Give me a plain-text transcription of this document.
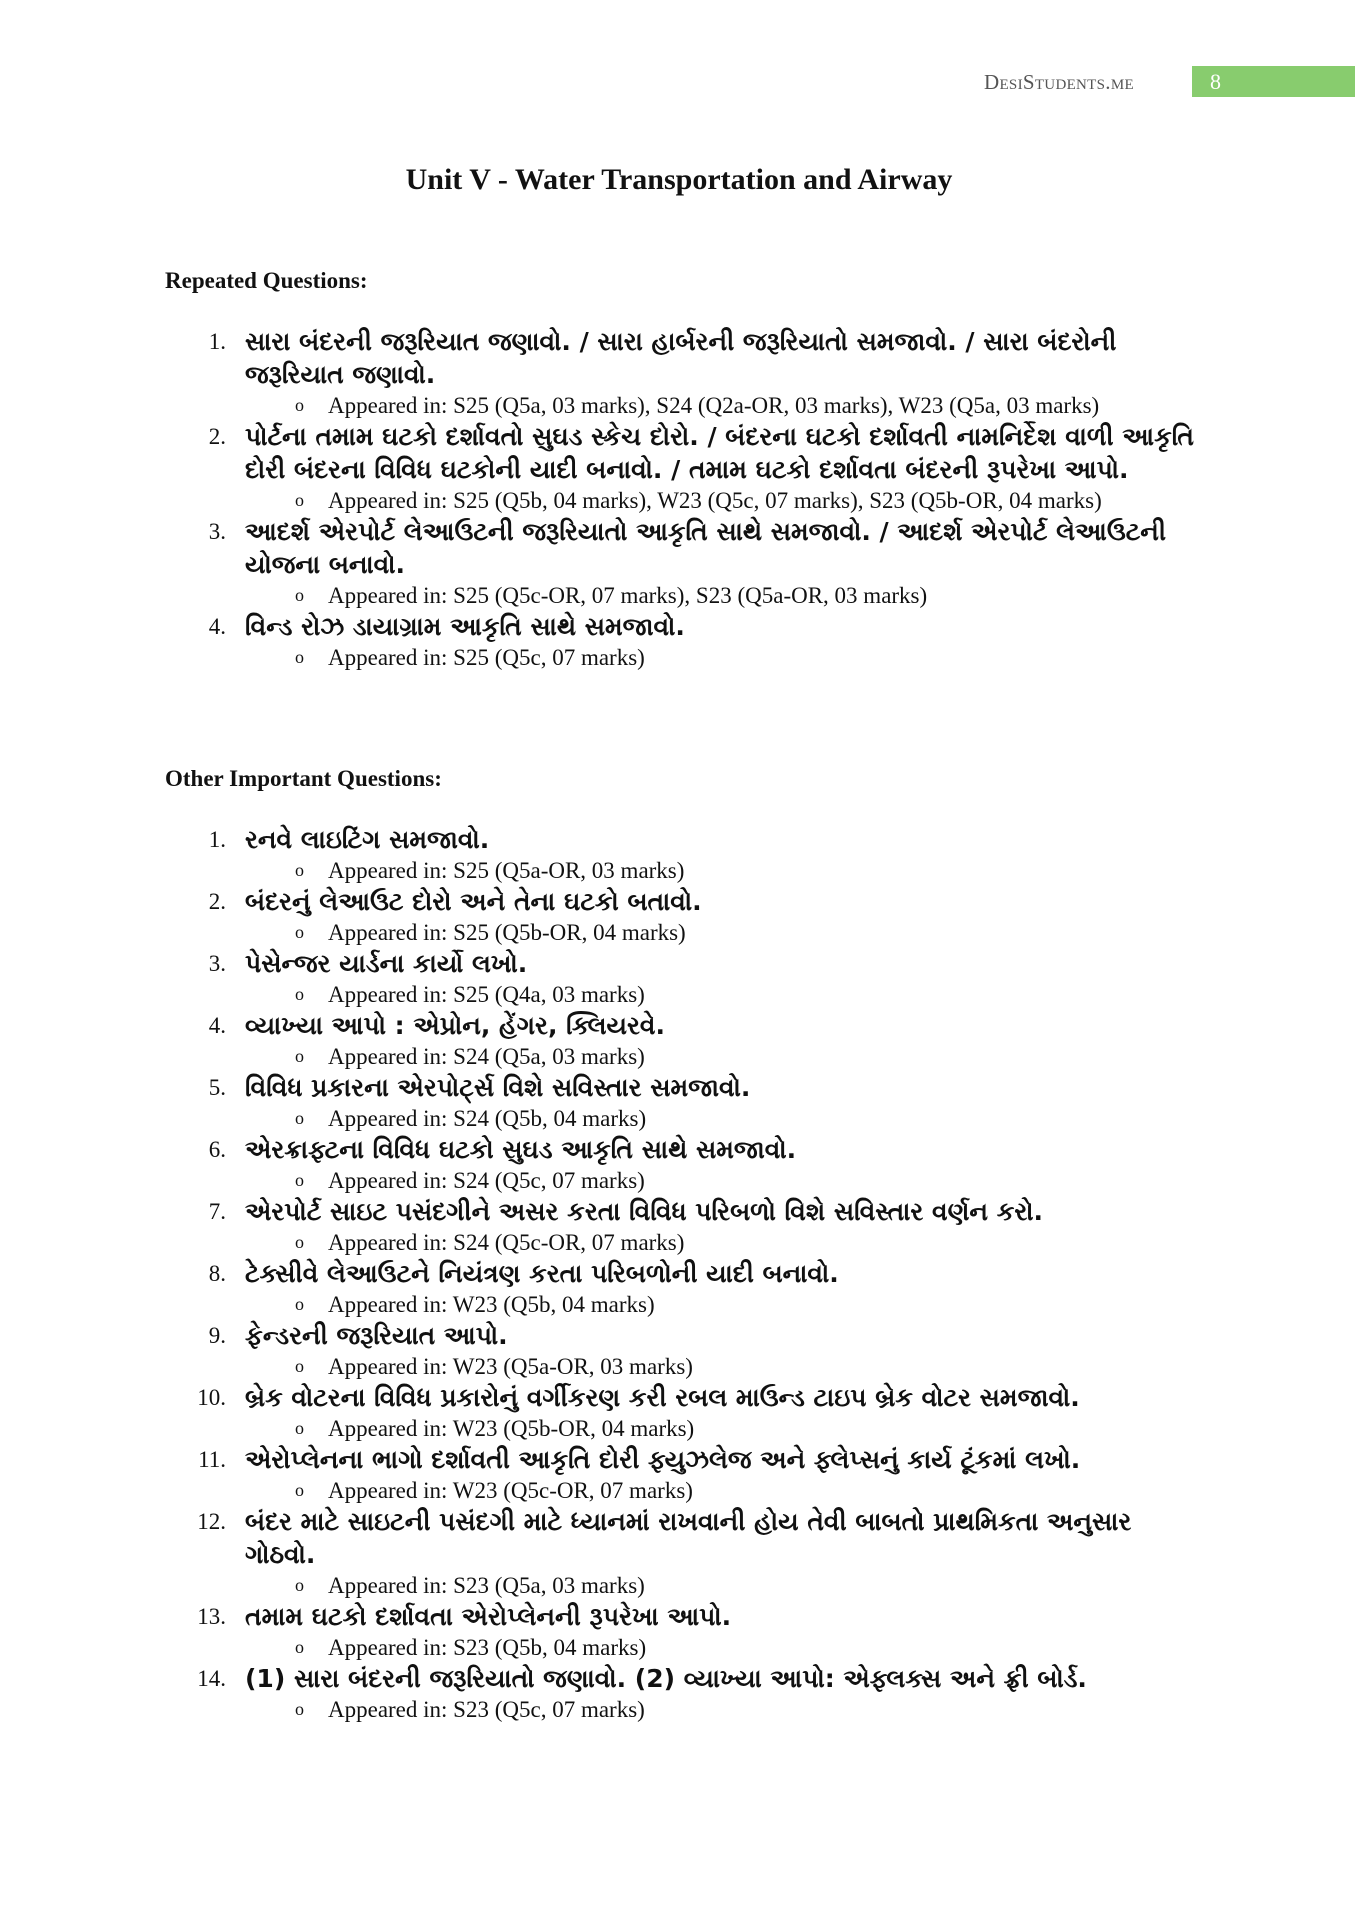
DesiStudents.me	8
Unit V - Water Transportation and Airway
Repeated Questions:
1. સારા બંદરની જરૂરિયાત જણાવો. / સારા હાર્બરની જરૂરિયાતો સમજાવો. / સારા બંદરોની જરૂરિયાત જણાવો.
o Appeared in: S25 (Q5a, 03 marks), S24 (Q2a-OR, 03 marks), W23 (Q5a, 03 marks)
2. પોર્ટના તમામ ઘટકો દર્શાવતો સુઘડ સ્કેચ દોરો. / બંદરના ઘટકો દર્શાવતી નામનિર્દેશ વાળી આકૃતિ દોરી બંદરના વિવિધ ઘટકોની યાદી બનાવો. / તમામ ઘટકો દર્શાવતા બંદરની રૂપરેખા આપો.
o Appeared in: S25 (Q5b, 04 marks), W23 (Q5c, 07 marks), S23 (Q5b-OR, 04 marks)
3. આદર્શ એરપોર્ટ લેઆઉટની જરૂરિયાતો આકૃતિ સાથે સમજાવો. / આદર્શ એરપોર્ટ લેઆઉટની યોજના બનાવો.
o Appeared in: S25 (Q5c-OR, 07 marks), S23 (Q5a-OR, 03 marks)
4. વિન્ડ રોઝ ડાયાગ્રામ આકૃતિ સાથે સમજાવો.
o Appeared in: S25 (Q5c, 07 marks)
Other Important Questions:
1. રનવે લાઇટિંગ સમજાવો.
o Appeared in: S25 (Q5a-OR, 03 marks)
2. બંદરનું લેઆઉટ દોરો અને તેના ઘટકો બતાવો.
o Appeared in: S25 (Q5b-OR, 04 marks)
3. પેસેન્જર યાર્ડના કાર્યો લખો.
o Appeared in: S25 (Q4a, 03 marks)
4. વ્યાખ્યા આપો : એપ્રોન, હેંગર, ક્લિયરવે.
o Appeared in: S24 (Q5a, 03 marks)
5. વિવિધ પ્રકારના એરપોર્ટ્સ વિશે સવિસ્તાર સમજાવો.
o Appeared in: S24 (Q5b, 04 marks)
6. એરક્રાફ્ટના વિવિધ ઘટકો સુઘડ આકૃતિ સાથે સમજાવો.
o Appeared in: S24 (Q5c, 07 marks)
7. એરપોર્ટ સાઇટ પસંદગીને અસર કરતા વિવિધ પરિબળો વિશે સવિસ્તાર વર્ણન કરો.
o Appeared in: S24 (Q5c-OR, 07 marks)
8. ટેક્સીવે લેઆઉટને નિયંત્રણ કરતા પરિબળોની યાદી બનાવો.
o Appeared in: W23 (Q5b, 04 marks)
9. ફેન્ડરની જરૂરિયાત આપો.
o Appeared in: W23 (Q5a-OR, 03 marks)
10. બ્રેક વોટરના વિવિધ પ્રકારોનું વર્ગીકરણ કરી રબલ માઉન્ડ ટાઇપ બ્રેક વોટર સમજાવો.
o Appeared in: W23 (Q5b-OR, 04 marks)
11. એરોપ્લેનના ભાગો દર્શાવતી આકૃતિ દોરી ફ્યુઝલેજ અને ફ્લેપ્સનું કાર્ય ટૂંકમાં લખો.
o Appeared in: W23 (Q5c-OR, 07 marks)
12. બંદર માટે સાઇટની પસંદગી માટે ધ્યાનમાં રાખવાની હોય તેવી બાબતો પ્રાથમિકતા અનુસાર ગોઠવો.
o Appeared in: S23 (Q5a, 03 marks)
13. તમામ ઘટકો દર્શાવતા એરોપ્લેનની રૂપરેખા આપો.
o Appeared in: S23 (Q5b, 04 marks)
14. (1) સારા બંદરની જરૂરિયાતો જણાવો. (2) વ્યાખ્યા આપો: એફ્લક્સ અને ફ્રી બોર્ડ.
o Appeared in: S23 (Q5c, 07 marks)
